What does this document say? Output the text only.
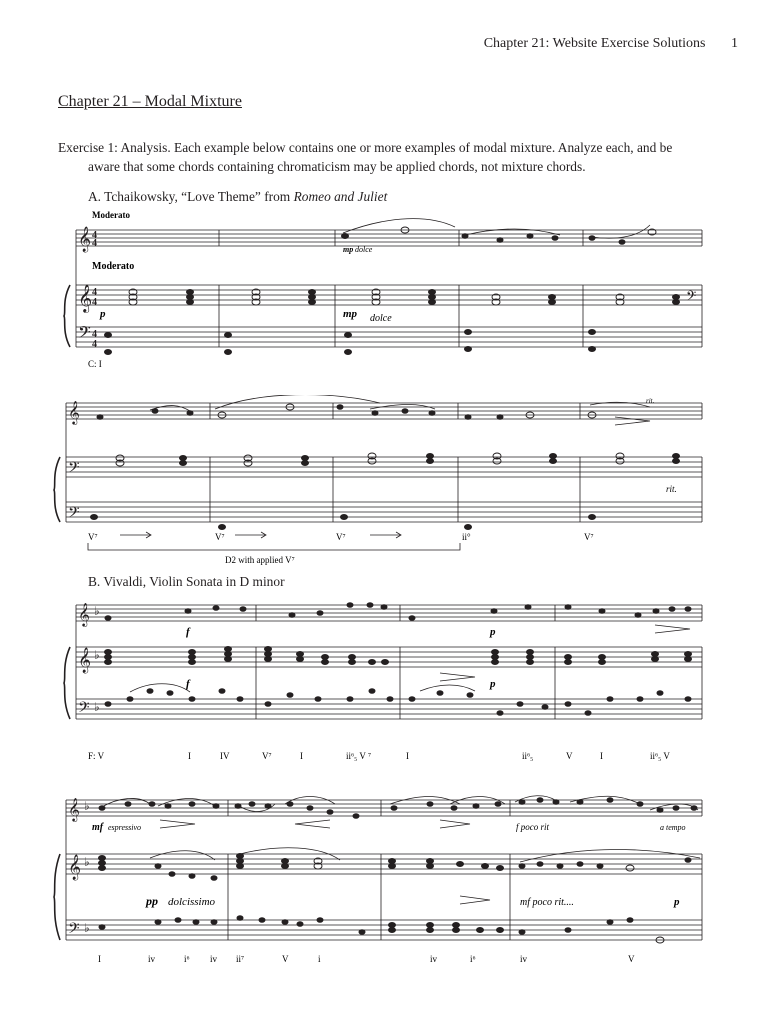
Chapter 21: Website Exercise Solutions 1
Chapter 21 – Modal Mixture
Exercise 1: Analysis. Each example below contains one or more examples of modal mixture. Analyze each, and be
aware that some chords containing chromaticism may be applied chords, not mixture chords.
A. Tchaikowsky, “Love Theme” from Romeo and Juliet
B. Vivaldi, Violin Sonata in D minor
𝄞 4
4
𝄞 4
4
𝄢 4
4
𝄢
Moderato
Moderato
mp dolce
mp dolce
p
C: I
𝄞
𝄢
𝄢
rit.
rit.
V⁷	V⁷	V⁷	ii°	V⁷
D2 with applied V⁷
𝄞 ♭
𝄞 ♭
𝄢 ♭
f	p
f	p
F: V	I	IV	V⁷	I	ii⁶₅ V ⁷	I	ii⁶₅	V	I	ii⁶₅ V
𝄞 ♭
𝄞 ♭
𝄢 ♭
mf espressivo	f poco rit	a tempo
pp dolcissimo	mf poco rit....	p
I	iv	i⁶ iv ii⁷	V	i	iv	i⁶	iv	V
